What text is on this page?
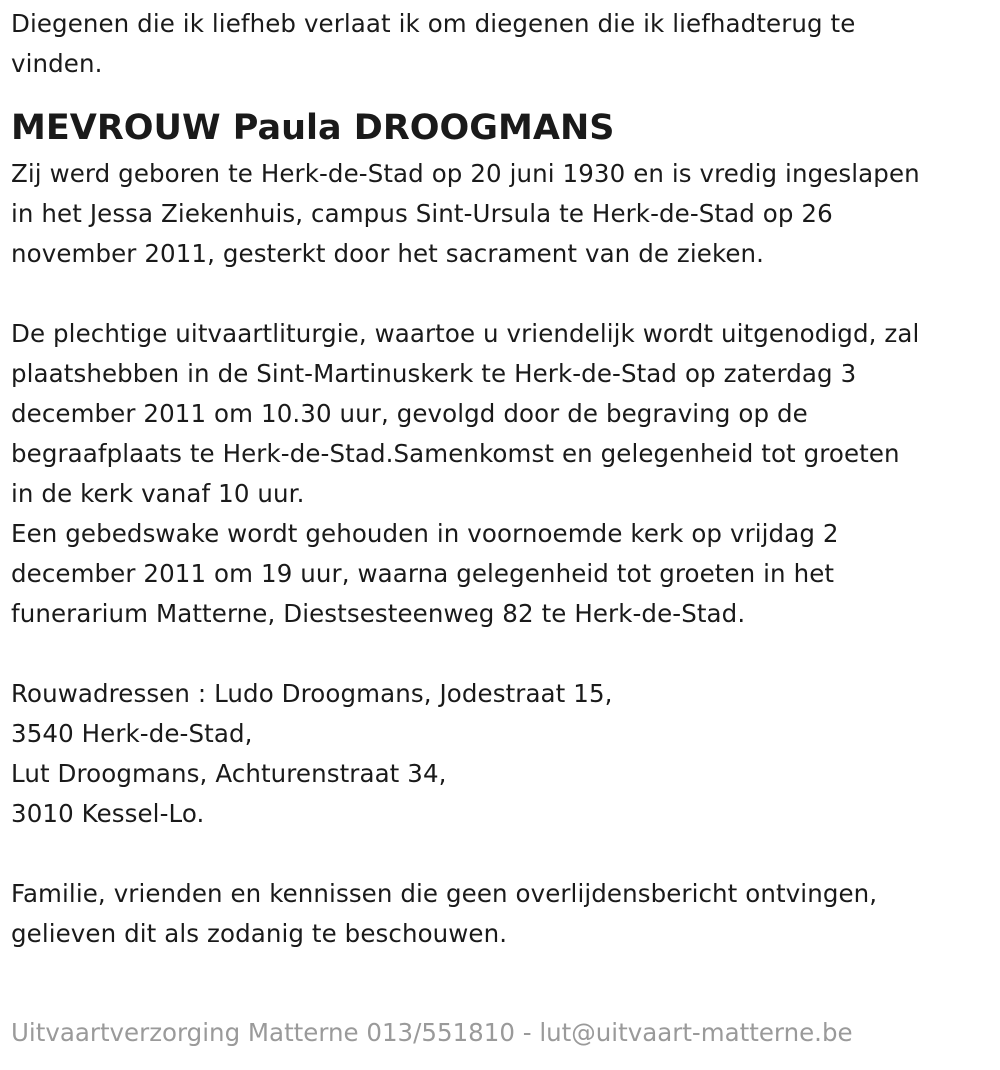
Diegenen die ik liefheb verlaat ik om diegenen die ik liefhadterug te
vinden.
MEVROUW Paula DROOGMANS
Zij werd geboren te Herk-de-Stad op 20 juni 1930 en is vredig ingeslapen
in het Jessa Ziekenhuis, campus Sint-Ursula te Herk-de-Stad op 26
november 2011, gesterkt door het sacrament van de zieken.
De plechtige uitvaartliturgie, waartoe u vriendelijk wordt uitgenodigd, zal
plaatshebben in de Sint-Martinuskerk te Herk-de-Stad op zaterdag 3
december 2011 om 10.30 uur, gevolgd door de begraving op de
begraafplaats te Herk-de-Stad.Samenkomst en gelegenheid tot groeten
in de kerk vanaf 10 uur.
Een gebedswake wordt gehouden in voornoemde kerk op vrijdag 2
december 2011 om 19 uur, waarna gelegenheid tot groeten in het
funerarium Matterne, Diestsesteenweg 82 te Herk-de-Stad.
Rouwadressen : Ludo Droogmans, Jodestraat 15,
3540 Herk-de-Stad,
Lut Droogmans, Achturenstraat 34,
3010 Kessel-Lo.
Familie, vrienden en kennissen die geen overlijdensbericht ontvingen,
gelieven dit als zodanig te beschouwen.
Uitvaartverzorging Matterne 013/551810 - lut@uitvaart-matterne.be
